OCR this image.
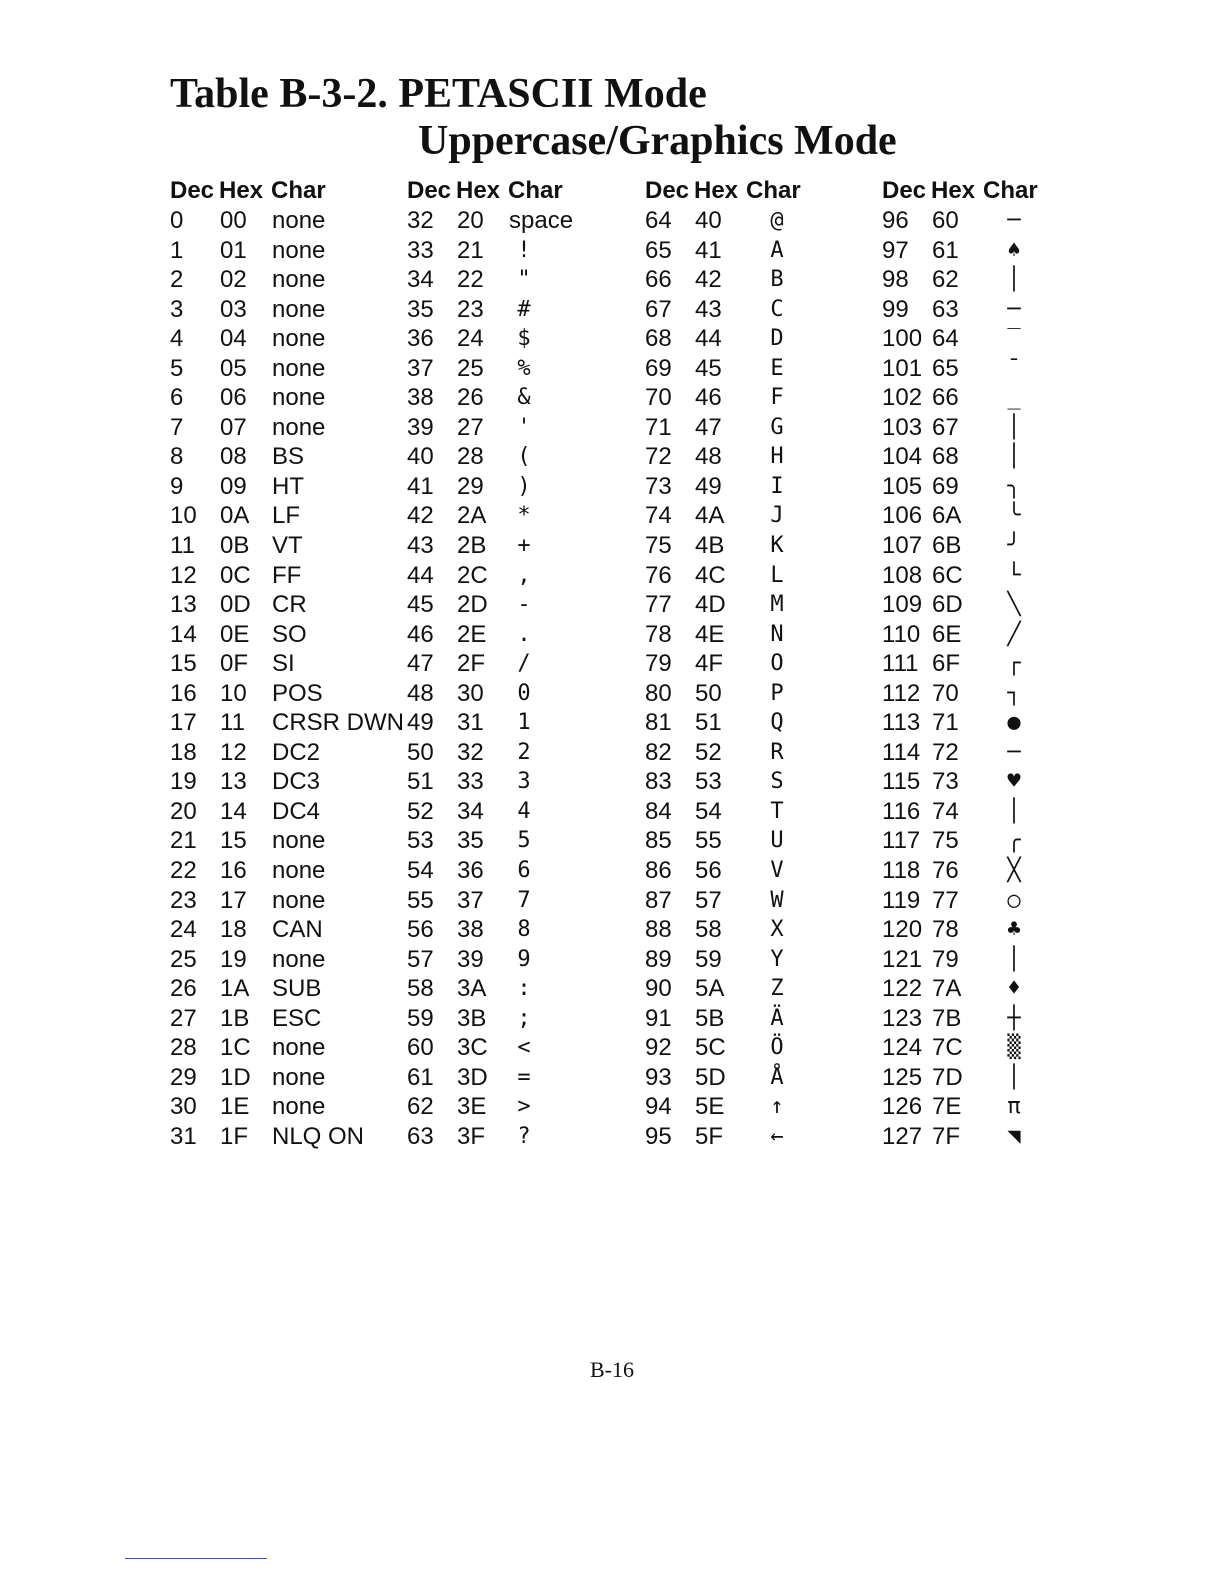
Table B-3-2. PETASCII Mode
Uppercase/Graphics Mode
Dec Hex Char
0 00 none
1 01 none
2 02 none
3 03 none
4 04 none
5 05 none
6 06 none
7 07 none
8 08 BS
9 09 HT
10 0A LF
11 0B VT
12 0C FF
13 0D CR
14 0E SO
15 0F SI
16 10 POS
17 11 CRSR DWN
18 12 DC2
19 13 DC3
20 14 DC4
21 15 none
22 16 none
23 17 none
24 18 CAN
25 19 none
26 1A SUB
27 1B ESC
28 1C none
29 1D none
30 1E none
31 1F NLQ ON
Dec Hex Char
32 20 space
33 21	!
34 22	"
35 23	#
36 24	$
37 25	%
38 26	&
39 27	'
40 28	(
41 29	)
42 2A	*
43 2B	+
44 2C	,
45 2D	-
46 2E	.
47 2F	/
48 30	0
49 31	1
50 32	2
51 33	3
52 34	4
53 35	5
54 36	6
55 37	7
56 38	8
57 39	9
58 3A	:
59 3B	;
60 3C	<
61 3D	=
62 3E	>
63 3F	?
Dec Hex Char
64 40	@
65 41	A
66 42	B
67 43	C
68 44	D
69 45	E
70 46	F
71 47	G
72 48	H
73 49	I
74 4A	J
75 4B	K
76 4C	L
77 4D	M
78 4E	N
79 4F	O
80 50	P
81 51	Q
82 52	R
83 53	S
84 54	T
85 55	U
86 56	V
87 57	W
88 58	X
89 59	Y
90 5A	Z
91 5B	Ä
92 5C	Ö
93 5D	Å
94 5E	↑
95 5F	←
Dec Hex Char
96 60	─
97 61	♠
98 62	│
99 63	─
100 64	‾
101 65	¯
102 66	_
103 67	│
104 68	│
105 69	╮
106 6A	╰
107 6B	╯
108 6C	└
109 6D	╲
110 6E	╱
111 6F	┌
112 70	┐
113 71	●
114 72	─
115 73	♥
116 74	│
117 75	╭
118 76	╳
119 77	○
120 78	♣
121 79	│
122 7A	♦
123 7B	┼
124 7C	▒
125 7D	│
126 7E	π
127 7F	◥
B-16
